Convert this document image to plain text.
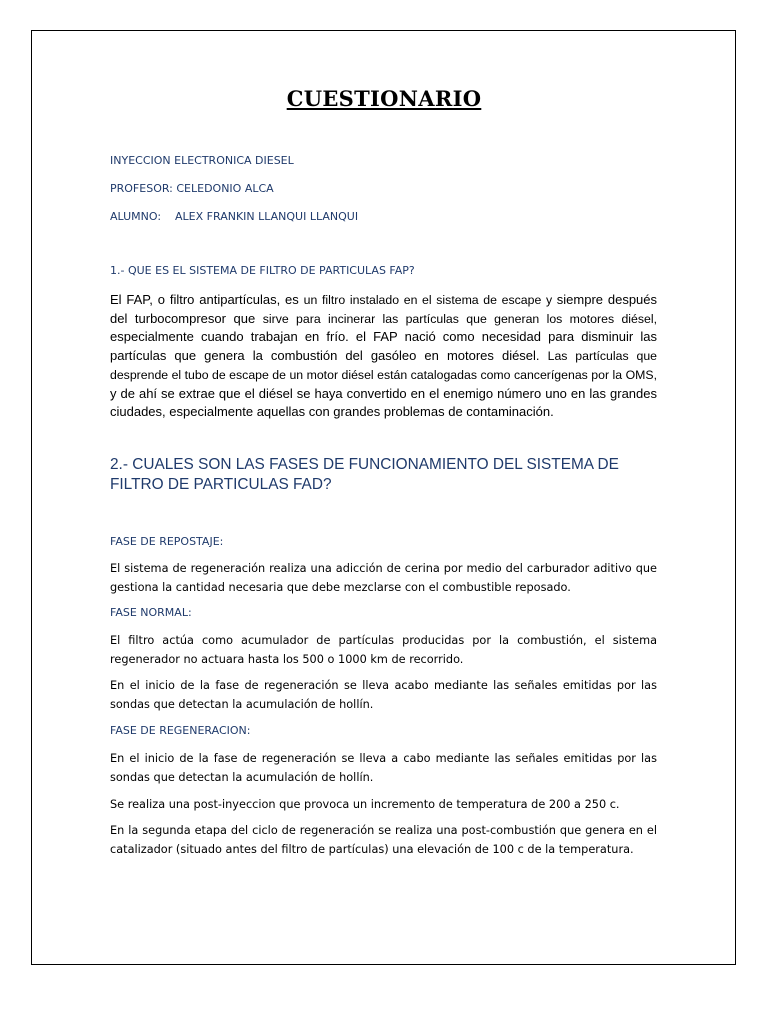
CUESTIONARIO
INYECCION ELECTRONICA DIESEL
PROFESOR: CELEDONIO ALCA
ALUMNO:    ALEX FRANKIN LLANQUI LLANQUI
1.- QUE ES EL SISTEMA DE FILTRO DE PARTICULAS FAP?
El FAP, o filtro antipartículas, es un filtro instalado en el sistema de escape y siempre después del turbocompresor que sirve para incinerar las partículas que generan los motores diésel, especialmente cuando trabajan en frío. el FAP nació como necesidad para disminuir las partículas que genera la combustión del gasóleo en motores diésel. Las partículas que desprende el tubo de escape de un motor diésel están catalogadas como cancerígenas por la OMS, y de ahí se extrae que el diésel se haya convertido en el enemigo número uno en las grandes ciudades, especialmente aquellas con grandes problemas de contaminación.
2.- CUALES SON LAS FASES DE FUNCIONAMIENTO DEL SISTEMA DE FILTRO DE PARTICULAS FAD?
FASE DE REPOSTAJE:
El sistema de regeneración realiza una adicción de cerina por medio del carburador aditivo que gestiona la cantidad necesaria que debe mezclarse con el combustible reposado.
FASE NORMAL:
El filtro actúa como acumulador de partículas producidas por la combustión, el sistema regenerador no actuara hasta los 500 o 1000 km de recorrido.
En el inicio de la fase de regeneración se lleva acabo mediante las señales emitidas por las sondas que detectan la acumulación de hollín.
FASE DE REGENERACION:
En el inicio de la fase de regeneración se lleva a cabo mediante las señales emitidas por las sondas que detectan la acumulación de hollín.
Se realiza una post-inyeccion que provoca un incremento de temperatura de 200 a 250 c.
En la segunda etapa del ciclo de regeneración se realiza una post-combustión que genera en el catalizador (situado antes del filtro de partículas) una elevación de 100 c de la temperatura.
